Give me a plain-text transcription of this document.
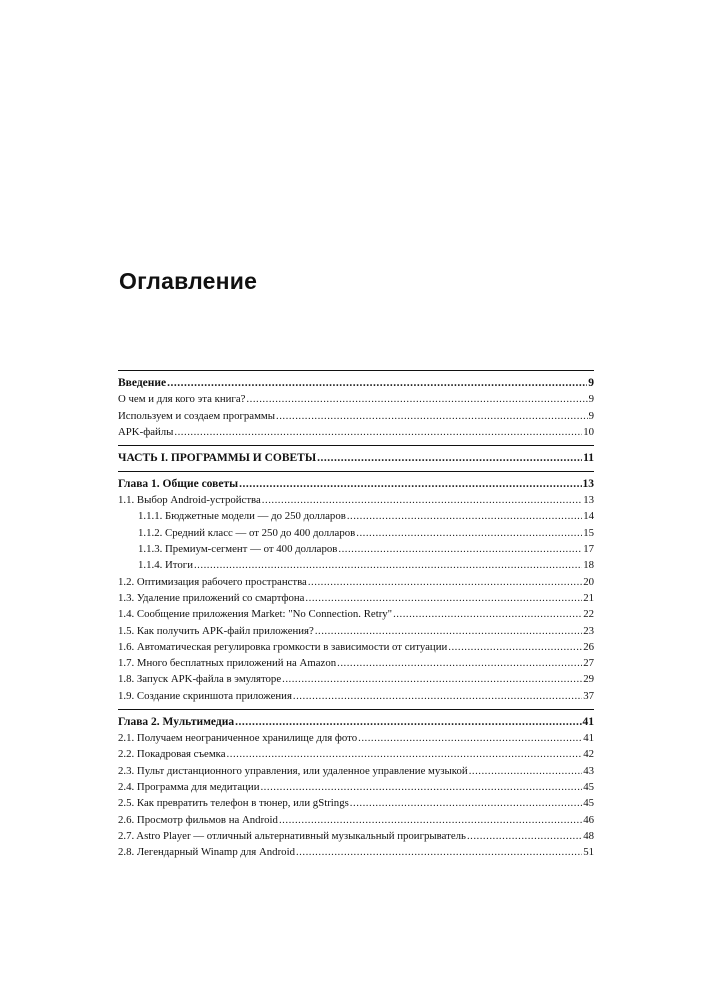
Оглавление
Введение .....	9
О чем и для кого эта книга? .....	9
Используем и создаем программы .....	9
APK-файлы .....	10
ЧАСТЬ I. ПРОГРАММЫ И СОВЕТЫ .....	11
Глава 1. Общие советы .....	13
1.1. Выбор Android-устройства .....	13
1.1.1. Бюджетные модели — до 250 долларов .....	14
1.1.2. Средний класс — от 250 до 400 долларов .....	15
1.1.3. Премиум-сегмент — от 400 долларов .....	17
1.1.4. Итоги .....	18
1.2. Оптимизация рабочего пространства .....	20
1.3. Удаление приложений со смартфона .....	21
1.4. Сообщение приложения Market: "No Connection. Retry" .....	22
1.5. Как получить APK-файл приложения? .....	23
1.6. Автоматическая регулировка громкости в зависимости от ситуации .....	26
1.7. Много бесплатных приложений на Amazon .....	27
1.8. Запуск APK-файла в эмуляторе .....	29
1.9. Создание скриншота приложения .....	37
Глава 2. Мультимедиа .....	41
2.1. Получаем неограниченное хранилище для фото .....	41
2.2. Покадровая съемка .....	42
2.3. Пульт дистанционного управления, или удаленное управление музыкой .....	43
2.4. Программа для медитации .....	45
2.5. Как превратить телефон в тюнер, или gStrings .....	45
2.6. Просмотр фильмов на Android .....	46
2.7. Astro Player — отличный альтернативный музыкальный проигрыватель .....	48
2.8. Легендарный Winamp для Android .....	51
